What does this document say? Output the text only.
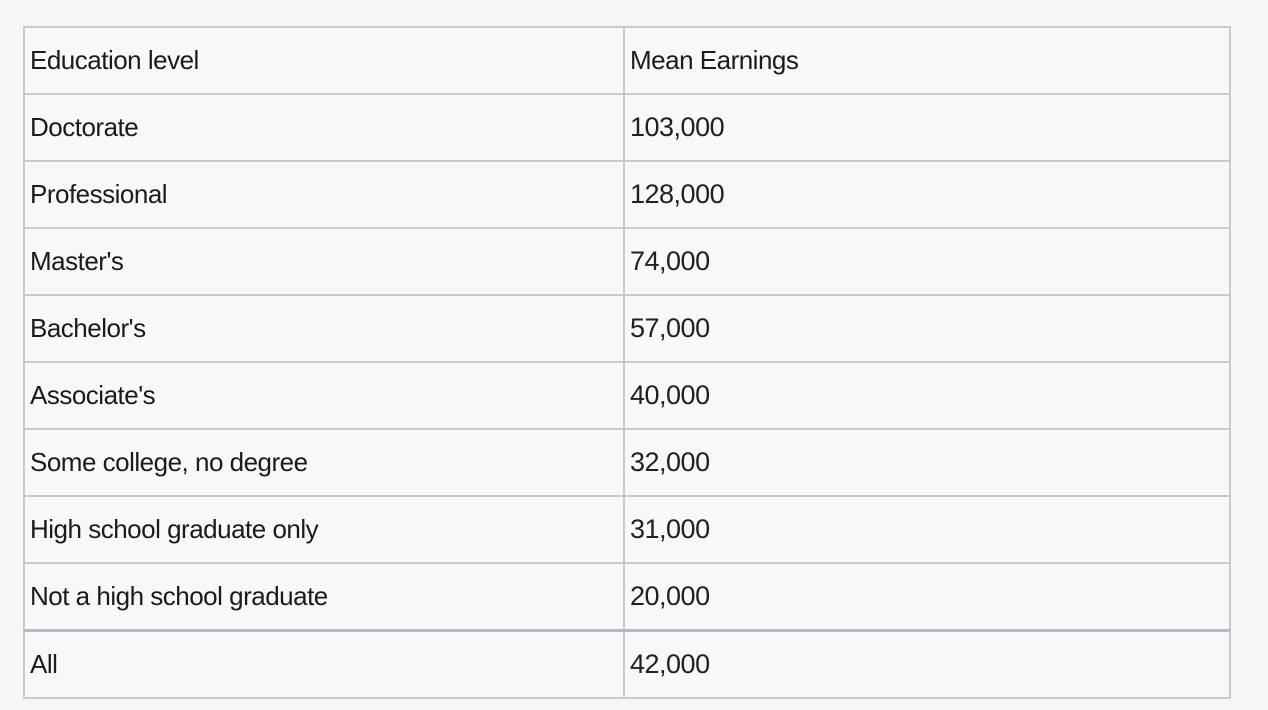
Education level	Mean Earnings
Doctorate	103,000
Professional	128,000
Master's	74,000
Bachelor's	57,000
Associate's	40,000
Some college, no degree	32,000
High school graduate only	31,000
Not a high school graduate	20,000
All	42,000
